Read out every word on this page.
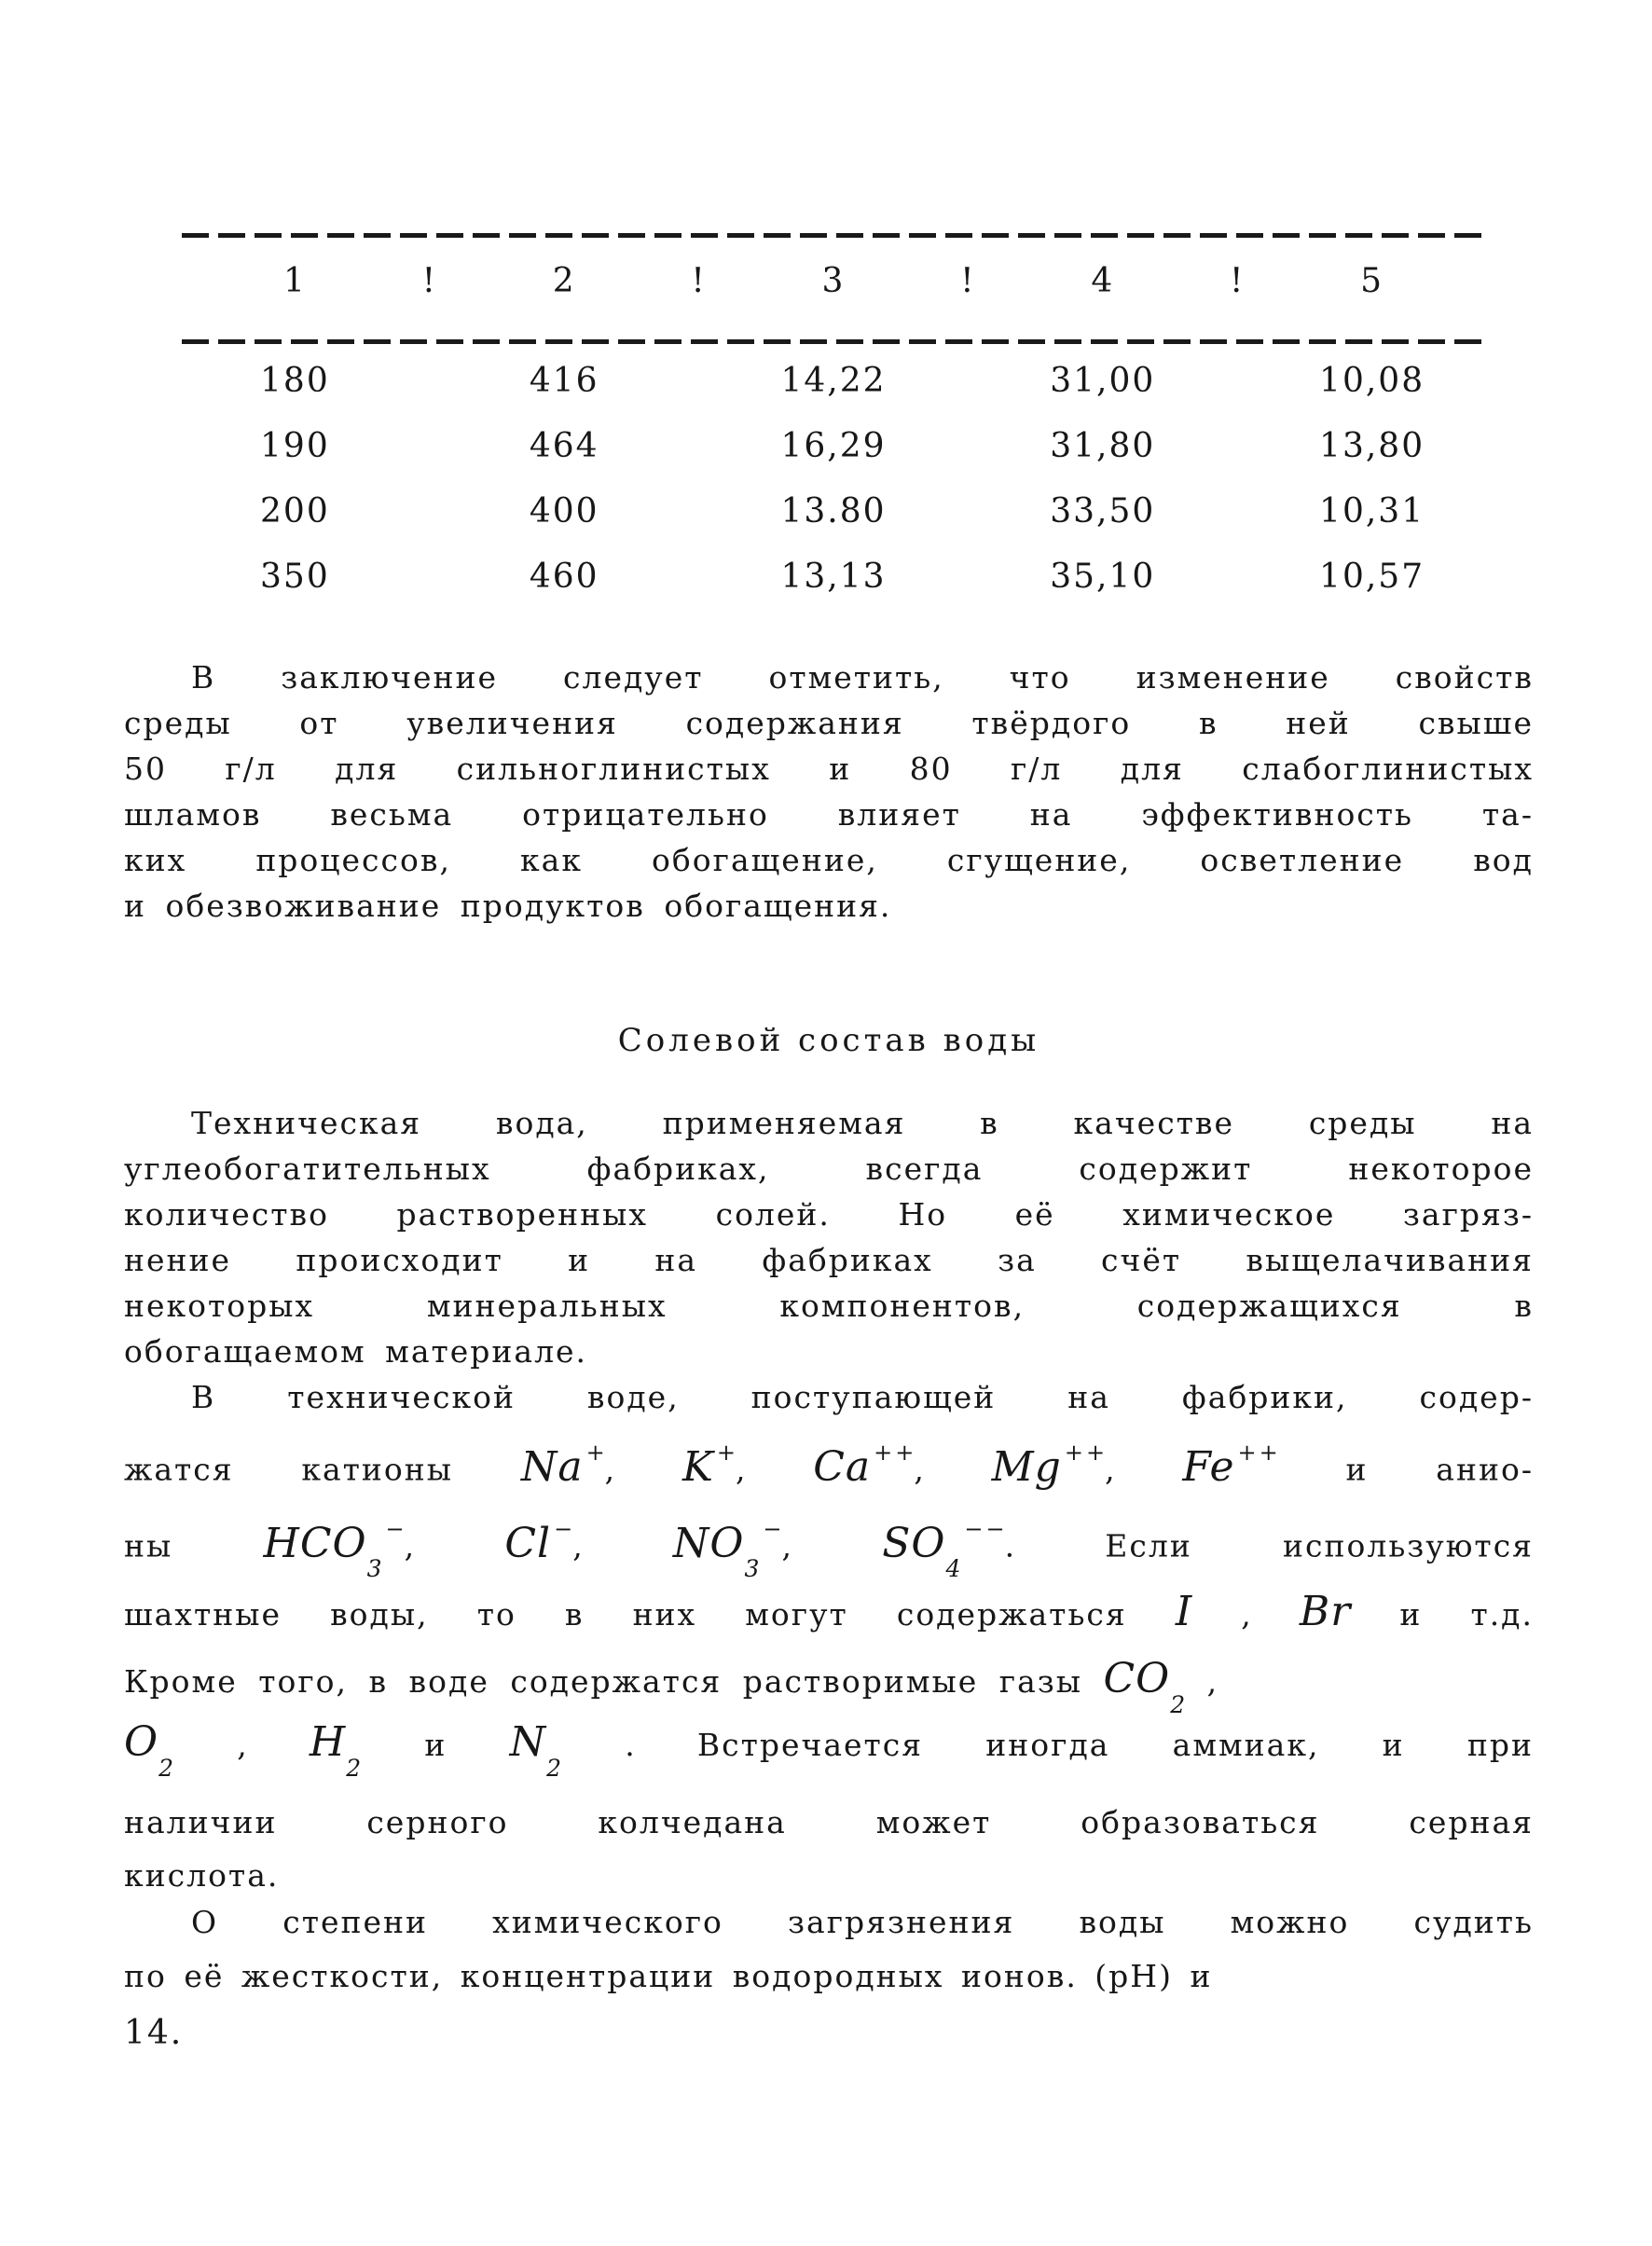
1	!	2	!	3	!	4	!	5
180	416	14,22	31,00	10,08
190	464	16,29	31,80	13,80
200	400	13.80	33,50	10,31
350	460	13,13	35,10	10,57
В заключение следует отметить, что изменение свойств
среды от увеличения содержания твёрдого в ней свыше
50 г/л для сильноглинистых и 80 г/л для слабоглинистых
шламов весьма отрицательно влияет на эффективность та-
ких процессов, как обогащение, сгущение, осветление вод
и обезвоживание продуктов обогащения.
Солевой состав воды
Техническая вода, применяемая в качестве среды на
углеобогатительных фабриках, всегда содержит некоторое
количество растворенных солей. Но её химическое загряз-
нение происходит и на фабриках за счёт выщелачивания
некоторых минеральных компонентов, содержащихся в
обогащаемом материале.
В технической воде, поступающей на фабрики, содер-
жатся катионы Na +, K +, Ca ++, Mg ++, Fe ++ и анио-
ны $HCO_3^-$, Cl −, $NO_3^-$, $SO_4^{--}$.	Если используются
шахтные воды, то в них могут содержаться I , Br и т.д.
Кроме того, в воде содержатся растворимые газы $CO_2$ ,
$O_2$ , $H_2$ и $N_2$ . Встречается иногда аммиак, и при
наличии серного колчедана может образоваться серная
кислота.
О степени химического загрязнения воды можно судить
по её жесткости, концентрации водородных ионов. (pH) и
14.
